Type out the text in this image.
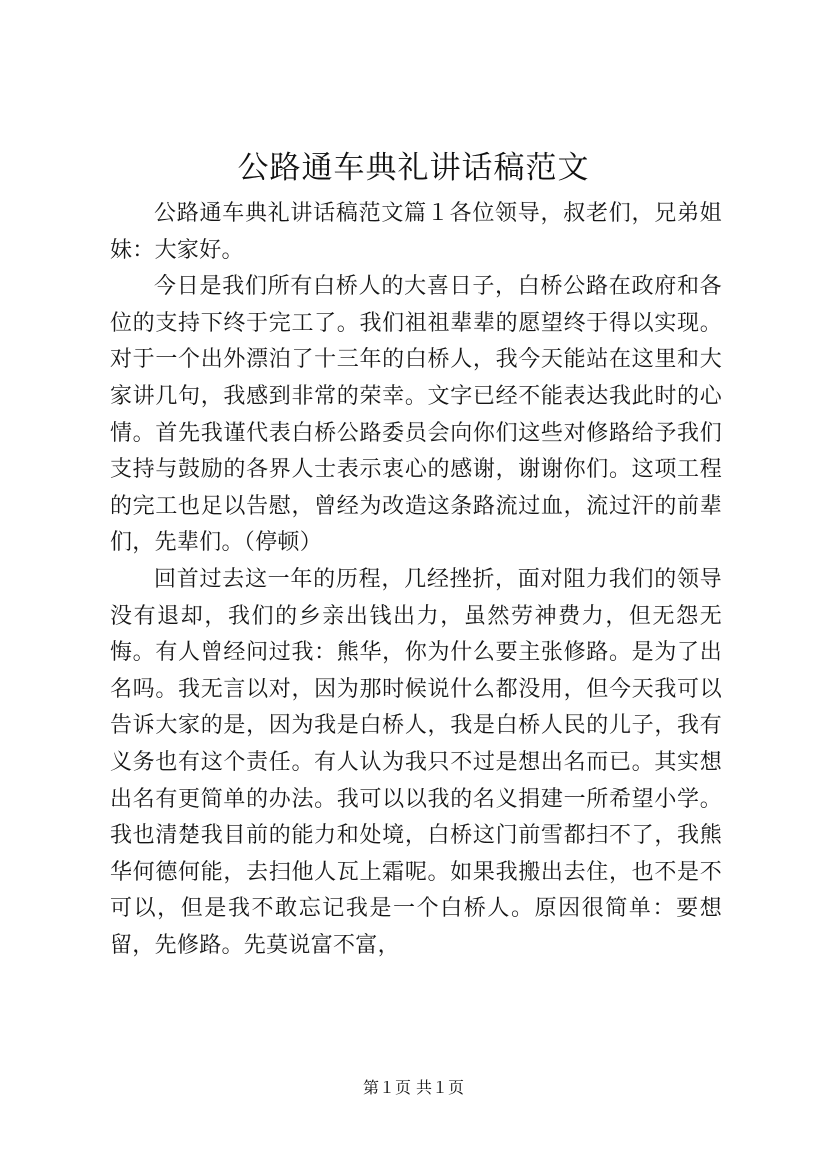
公路通车典礼讲话稿范文

公路通车典礼讲话稿范文篇１各位领导，叔老们，兄弟姐妹：大家好。

今日是我们所有白桥人的大喜日子，白桥公路在政府和各位的支持下终于完工了。我们祖祖辈辈的愿望终于得以实现。对于一个出外漂泊了十三年的白桥人，我今天能站在这里和大家讲几句，我感到非常的荣幸。文字已经不能表达我此时的心情。首先我谨代表白桥公路委员会向你们这些对修路给予我们支持与鼓励的各界人士表示衷心的感谢，谢谢你们。这项工程的完工也足以告慰，曾经为改造这条路流过血，流过汗的前辈们，先辈们。（停顿）

回首过去这一年的历程，几经挫折，面对阻力我们的领导没有退却，我们的乡亲出钱出力，虽然劳神费力，但无怨无悔。有人曾经问过我：熊华，你为什么要主张修路。是为了出名吗。我无言以对，因为那时候说什么都没用，但今天我可以告诉大家的是，因为我是白桥人，我是白桥人民的儿子，我有义务也有这个责任。有人认为我只不过是想出名而已。其实想出名有更简单的办法。我可以以我的名义捐建一所希望小学。我也清楚我目前的能力和处境，白桥这门前雪都扫不了，我熊华何德何能，去扫他人瓦上霜呢。如果我搬出去住，也不是不可以，但是我不敢忘记我是一个白桥人。原因很简单：要想留，先修路。先莫说富不富，

第１页 共１页
